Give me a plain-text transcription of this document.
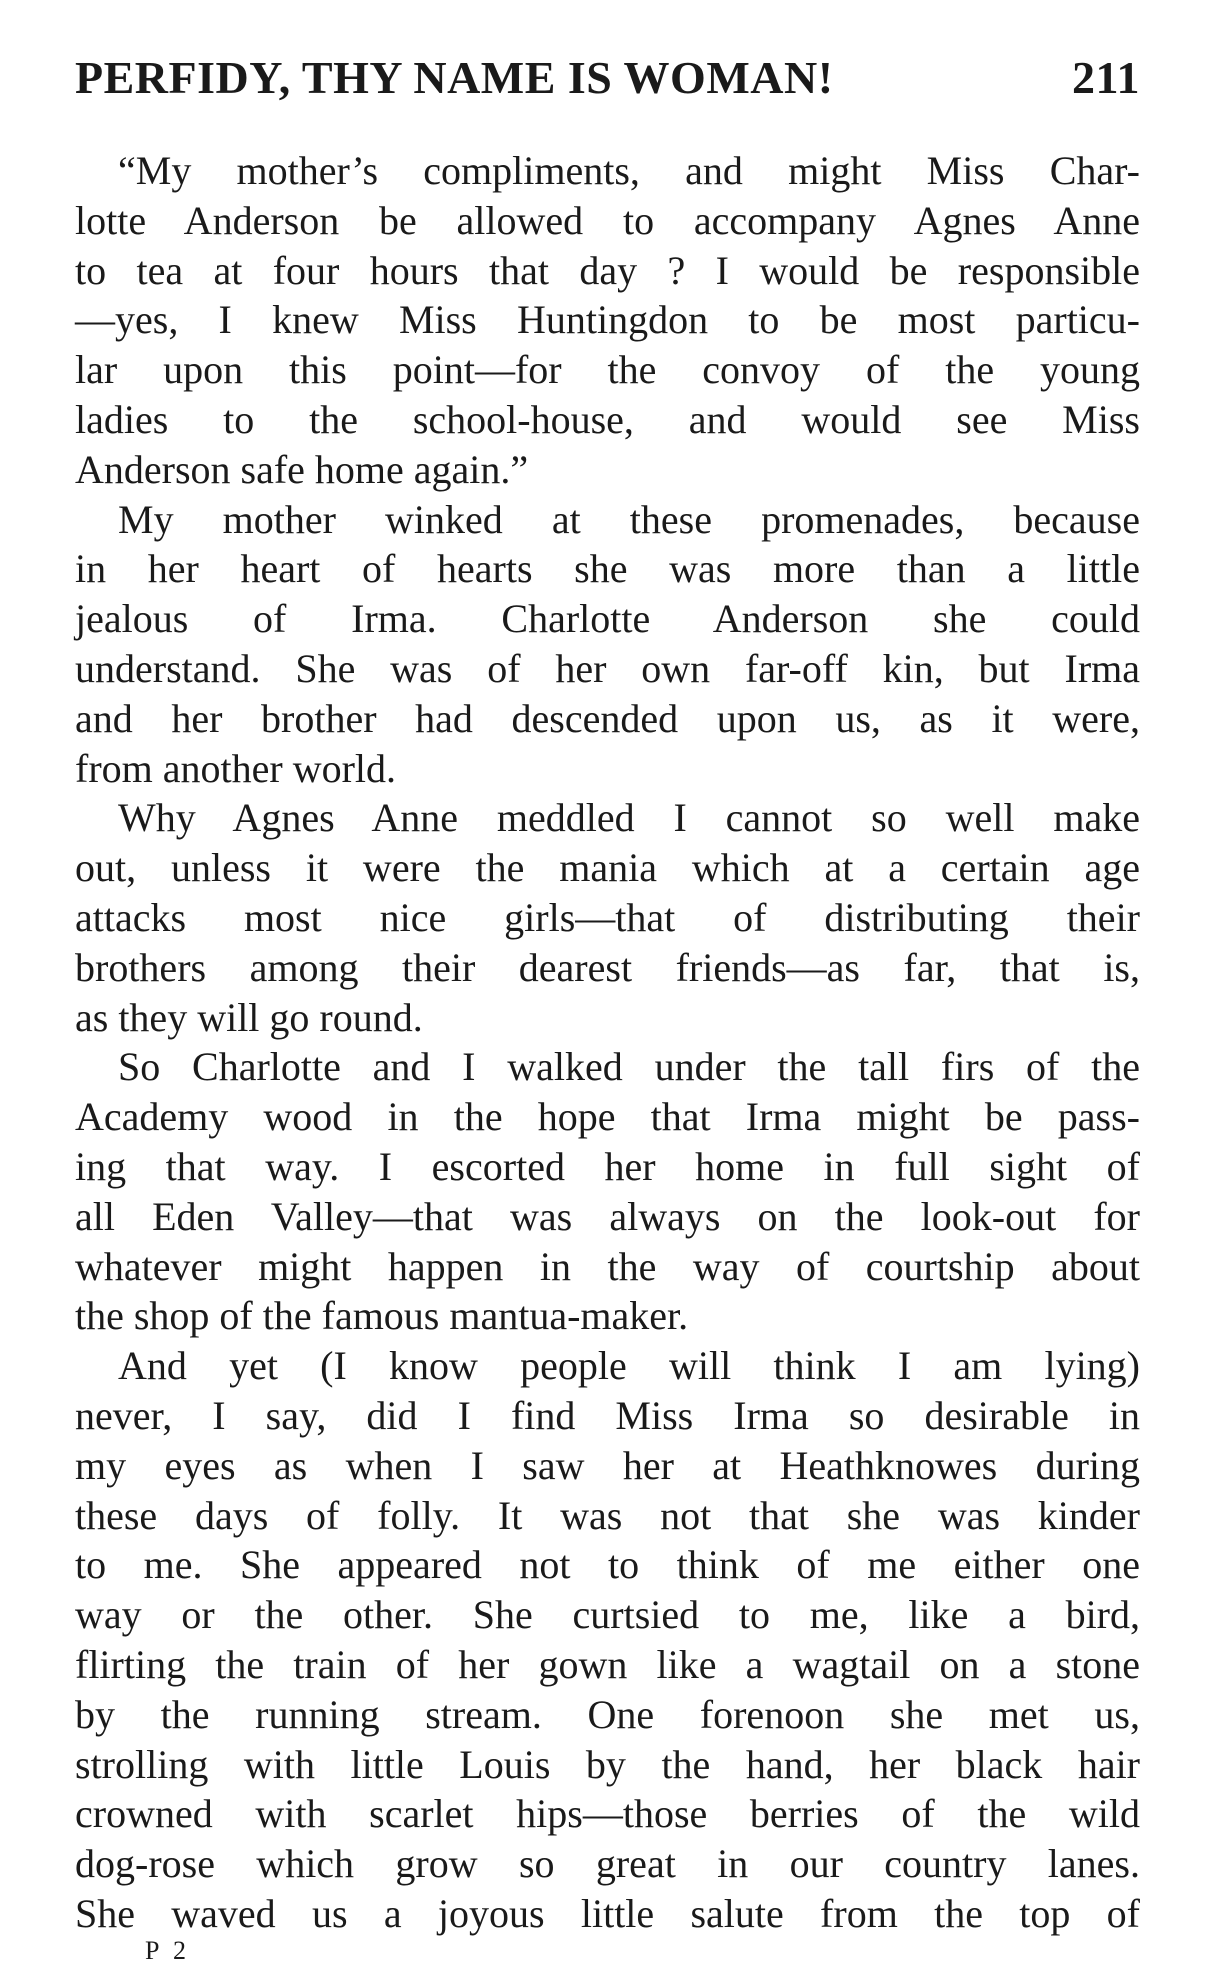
PERFIDY, THY NAME IS WOMAN!	211
“My mother’s compliments, and might Miss Char-
lotte Anderson be allowed to accompany Agnes Anne
to tea at four hours that day ? I would be responsible
—yes, I knew Miss Huntingdon to be most particu-
lar upon this point—for the convoy of the young
ladies to the school-house, and would see Miss
Anderson safe home again.”
My mother winked at these promenades, because
in her heart of hearts she was more than a little
jealous of Irma. Charlotte Anderson she could
understand. She was of her own far-off kin, but Irma
and her brother had descended upon us, as it were,
from another world.
Why Agnes Anne meddled I cannot so well make
out, unless it were the mania which at a certain age
attacks most nice girls—that of distributing their
brothers among their dearest friends—as far, that is,
as they will go round.
So Charlotte and I walked under the tall firs of the
Academy wood in the hope that Irma might be pass-
ing that way. I escorted her home in full sight of
all Eden Valley—that was always on the look-out for
whatever might happen in the way of courtship about
the shop of the famous mantua-maker.
And yet (I know people will think I am lying)
never, I say, did I find Miss Irma so desirable in
my eyes as when I saw her at Heathknowes during
these days of folly. It was not that she was kinder
to me. She appeared not to think of me either one
way or the other. She curtsied to me, like a bird,
flirting the train of her gown like a wagtail on a stone
by the running stream. One forenoon she met us,
strolling with little Louis by the hand, her black hair
crowned with scarlet hips—those berries of the wild
dog-rose which grow so great in our country lanes.
She waved us a joyous little salute from the top of
P 2
